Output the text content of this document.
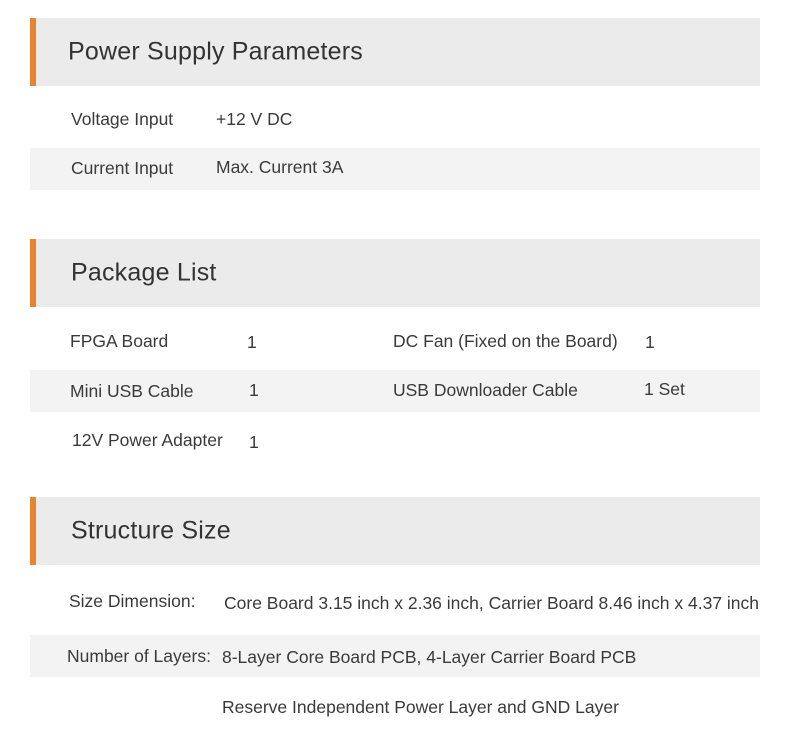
Power Supply Parameters
Voltage Input +12 V DC
Current Input Max. Current 3A
Package List
FPGA Board	1	DC Fan (Fixed on the Board) 1
Mini USB Cable	1	USB Downloader Cable	1 Set
12V Power Adapter 1
Structure Size
Size Dimension: Core Board 3.15 inch x 2.36 inch, Carrier Board 8.46 inch x 4.37 inch
Number of Layers: 8-Layer Core Board PCB, 4-Layer Carrier Board PCB
Reserve Independent Power Layer and GND Layer
